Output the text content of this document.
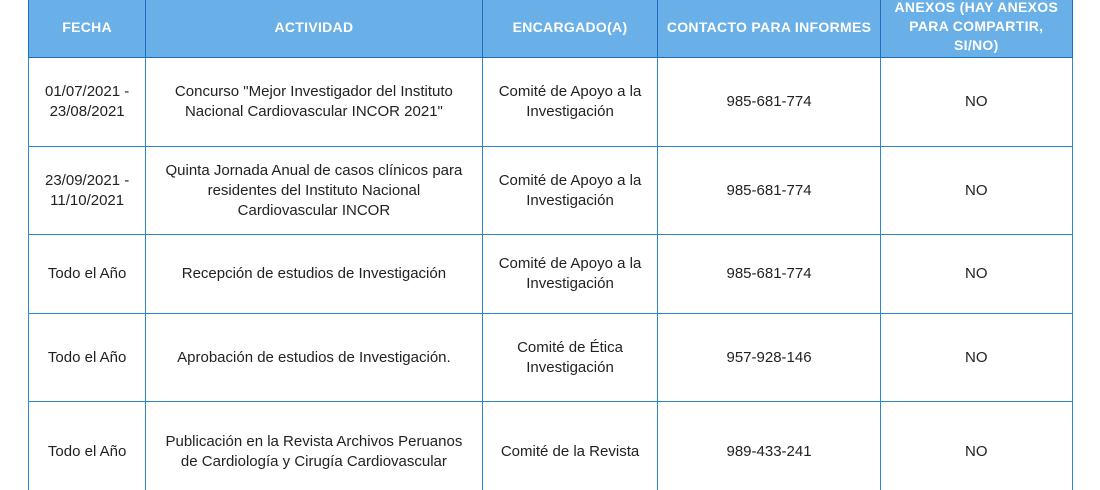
FECHA	ACTIVIDAD	ENCARGADO(A)	CONTACTO PARA INFORMES	ANEXOS (HAY ANEXOS PARA COMPARTIR, SI/NO)
01/07/2021 - 23/08/2021	Concurso "Mejor Investigador del Instituto Nacional Cardiovascular INCOR 2021"	Comité de Apoyo a la Investigación	985-681-774	NO
23/09/2021 - 11/10/2021	Quinta Jornada Anual de casos clínicos para residentes del Instituto Nacional Cardiovascular INCOR	Comité de Apoyo a la Investigación	985-681-774	NO
Todo el Año	Recepción de estudios de Investigación	Comité de Apoyo a la Investigación	985-681-774	NO
Todo el Año	Aprobación de estudios de Investigación.	Comité de Ética Investigación	957-928-146	NO
Todo el Año	Publicación en la Revista Archivos Peruanos de Cardiología y Cirugía Cardiovascular	Comité de la Revista	989-433-241	NO
